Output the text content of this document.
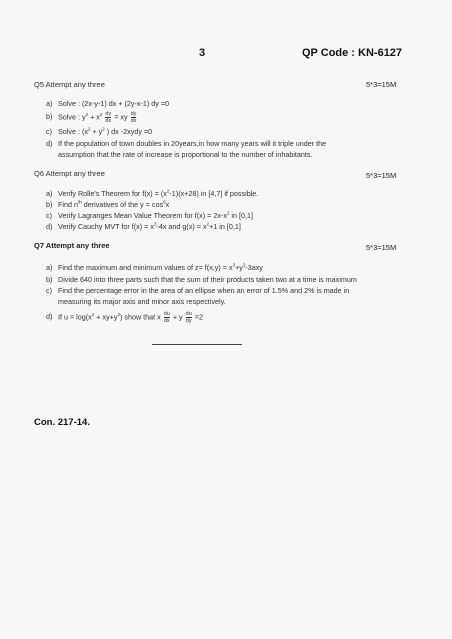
3	QP Code : KN-6127
Q5 Attempt any three	5*3=15M
a) Solve : (2x-y-1) dx + (2y-x-1) dy =0
b) Solve : $y^2 + x^2 \frac{dy}{dx}$ = xy $\frac{dy}{dx}$
c) Solve : ($x^2 + y^2$ ) dx -2xydy =0
d) If the population of town doubles in 20years,in how many years will it triple under the
assumption that the rate of increase is proportional to the number of inhabitants.
Q6 Attempt any three	5*3=15M
a) Verify Rolle's Theorem for $f(x) = (x^2-1)(x+28)$ in [4,7] if possible.
b) Find $n^{th}$ derivatives of the $y = \cos^6x$
c) Verify Lagranges Mean Value Theorem for $f(x) = 2x-x^2$ in [0,1]
d) Verify Cauchy MVT for $f(x) = x^3-4x$ and $g(x) = x^2+1$ in [0,1]
Q7 Attempt any three	5*3=15M
a) Find the maximum and minimum values of $z= f(x,y) = x^3+y^3-3axy$
b) Divide 640 into three parts such that the sum of their products taken two at a time is maximum
c) Find the percentage error in the area of an ellipse when an error of 1.5% and 2% is made in
measuring its major axis and minor axis respectively.
d) If $u = \log(x^2 + xy+y^2)$ show that x $\frac{du}{dx} + y \frac{du}{dy} =2$
Con. 217-14.
